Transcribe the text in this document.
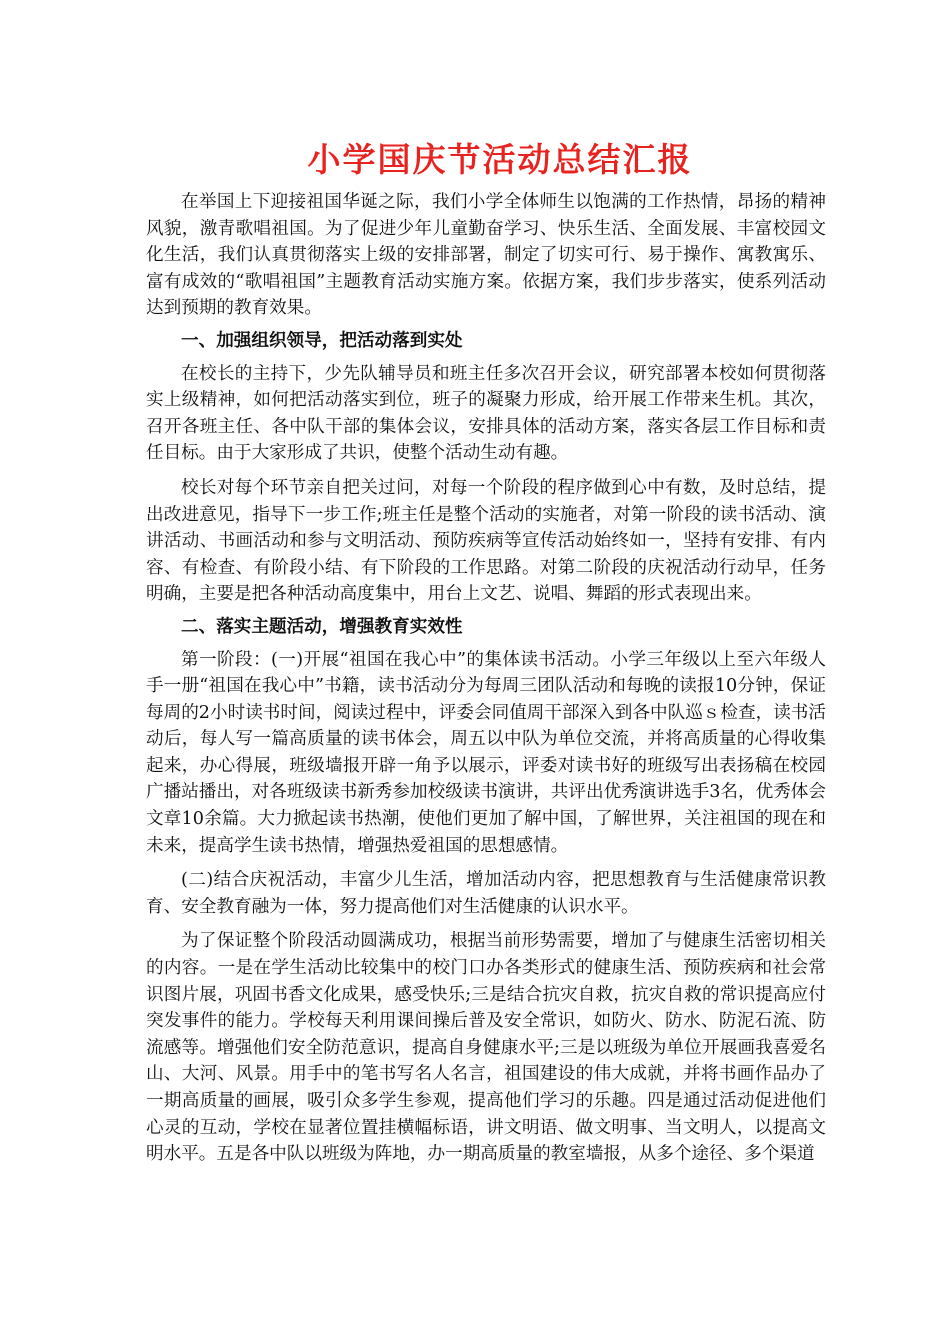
小学国庆节活动总结汇报

在举国上下迎接祖国华诞之际，我们小学全体师生以饱满的工作热情，昂扬的精神风貌，激青歌唱祖国。为了促进少年儿童勤奋学习、快乐生活、全面发展、丰富校园文化生活，我们认真贯彻落实上级的安排部署，制定了切实可行、易于操作、寓教寓乐、富有成效的“歌唱祖国”主题教育活动实施方案。依据方案，我们步步落实，使系列活动达到预期的教育效果。

一、加强组织领导，把活动落到实处

在校长的主持下，少先队辅导员和班主任多次召开会议，研究部署本校如何贯彻落实上级精神，如何把活动落实到位，班子的凝聚力形成，给开展工作带来生机。其次，召开各班主任、各中队干部的集体会议，安排具体的活动方案，落实各层工作目标和责任目标。由于大家形成了共识，使整个活动生动有趣。

校长对每个环节亲自把关过问，对每一个阶段的程序做到心中有数，及时总结，提出改进意见，指导下一步工作;班主任是整个活动的实施者，对第一阶段的读书活动、演讲活动、书画活动和参与文明活动、预防疾病等宣传活动始终如一，坚持有安排、有内容、有检查、有阶段小结、有下阶段的工作思路。对第二阶段的庆祝活动行动早，任务明确，主要是把各种活动高度集中，用台上文艺、说唱、舞蹈的形式表现出来。

二、落实主题活动，增强教育实效性

第一阶段：(一)开展“祖国在我心中”的集体读书活动。小学三年级以上至六年级人手一册“祖国在我心中”书籍，读书活动分为每周三团队活动和每晚的读报10分钟，保证每周的2小时读书时间，阅读过程中，评委会同值周干部深入到各中队巡ｓ检查，读书活动后，每人写一篇高质量的读书体会，周五以中队为单位交流，并将高质量的心得收集起来，办心得展，班级墙报开辟一角予以展示，评委对读书好的班级写出表扬稿在校园广播站播出，对各班级读书新秀参加校级读书演讲，共评出优秀演讲选手3名，优秀体会文章10余篇。大力掀起读书热潮，使他们更加了解中国，了解世界，关注祖国的现在和未来，提高学生读书热情，增强热爱祖国的思想感情。

(二)结合庆祝活动，丰富少儿生活，增加活动内容，把思想教育与生活健康常识教育、安全教育融为一体，努力提高他们对生活健康的认识水平。

为了保证整个阶段活动圆满成功，根据当前形势需要，增加了与健康生活密切相关的内容。一是在学生活动比较集中的校门口办各类形式的健康生活、预防疾病和社会常识图片展，巩固书香文化成果，感受快乐;三是结合抗灾自救，抗灾自救的常识提高应付突发事件的能力。学校每天利用课间操后普及安全常识，如防火、防水、防泥石流、防流感等。增强他们安全防范意识，提高自身健康水平;三是以班级为单位开展画我喜爱名山、大河、风景。用手中的笔书写名人名言，祖国建设的伟大成就，并将书画作品办了一期高质量的画展，吸引众多学生参观，提高他们学习的乐趣。四是通过活动促进他们心灵的互动，学校在显著位置挂横幅标语，讲文明语、做文明事、当文明人，以提高文明水平。五是各中队以班级为阵地，办一期高质量的教室墙报，从多个途径、多个渠道
